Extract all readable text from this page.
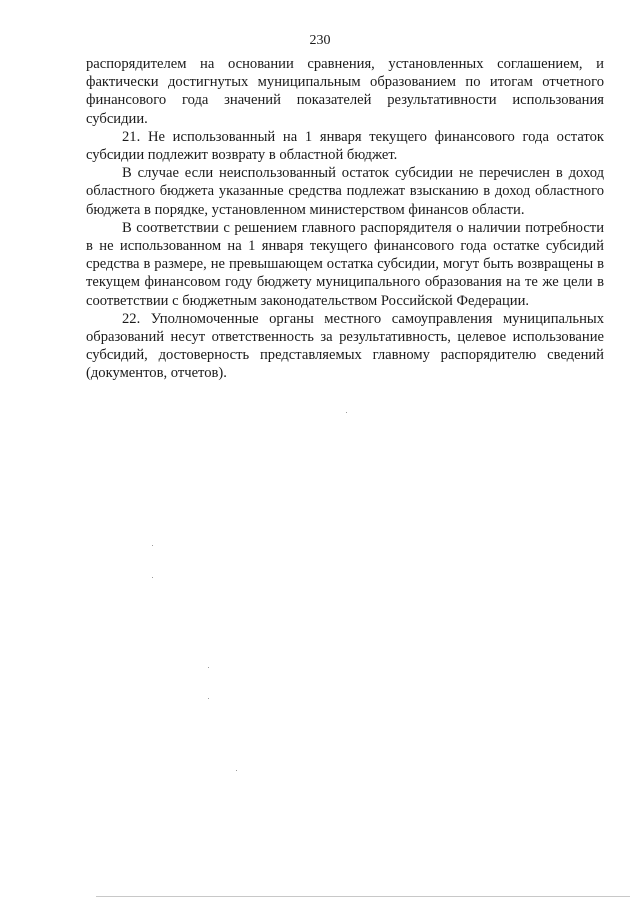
230

распорядителем на основании сравнения, установленных соглашением, и фактически достигнутых муниципальным образованием по итогам отчетного финансового года значений показателей результативности использования субсидии.

21. Не использованный на 1 января текущего финансового года остаток субсидии подлежит возврату в областной бюджет.

В случае если неиспользованный остаток субсидии не перечислен в доход областного бюджета указанные средства подлежат взысканию в доход областного бюджета в порядке, установленном министерством финансов области.

В соответствии с решением главного распорядителя о наличии потребности в не использованном на 1 января текущего финансового года остатке субсидий средства в размере, не превышающем остатка субсидии, могут быть возвращены в текущем финансовом году бюджету муниципального образования на те же цели в соответствии с бюджетным законодательством Российской Федерации.

22. Уполномоченные органы местного самоуправления муниципальных образований несут ответственность за результативность, целевое использование субсидий, достоверность представляемых главному распорядителю сведений (документов, отчетов).
